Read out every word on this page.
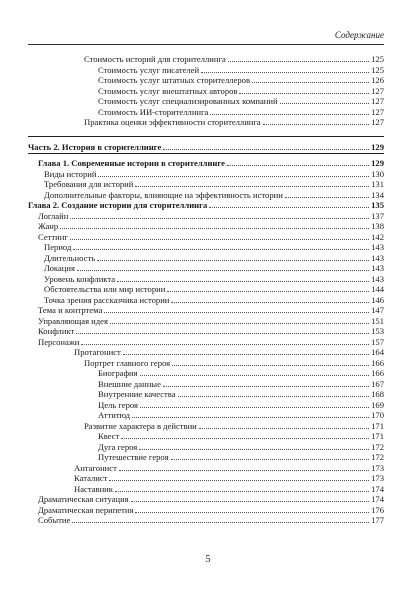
Содержание
Стоимость историй для сторителлинга	125
Стоимость услуг писателей	125
Стоимость услуг штатных сторителлеров	126
Стоимость услуг внештатных авторов	127
Стоимость услуг специализированных компаний	127
Стоимость ИИ-сторителлинга	127
Практика оценки эффективности сторителлинга	127
Часть 2. История в сторителлинге	129
Глава 1. Современные истории в сторителлинге	129
Виды историй	130
Требования для историй	131
Дополнительные факторы, влияющие на эффективность истории	134
Глава 2. Создание истории для сторителлинга	135
Логлайн	137
Жанр	138
Сеттинг	142
Период	143
Длительность	143
Локация	143
Уровень конфликта	143
Обстоятельства или мир истории	144
Точка зрения рассказчика истории	146
Тема и контртема	147
Управляющая идея	151
Конфликт	153
Персонажи	157
Протагонист	164
Портрет главного героя	166
Биография	166
Внешние данные	167
Внутренние качества	168
Цель героя	169
Аттитюд	170
Развитие характера в действии	171
Квест	171
Дуга героя	172
Путешествие героя	172
Антагонист	173
Каталист	173
Наставник	174
Драматическая ситуация	174
Драматическая перипетия	176
Событие	177
5
